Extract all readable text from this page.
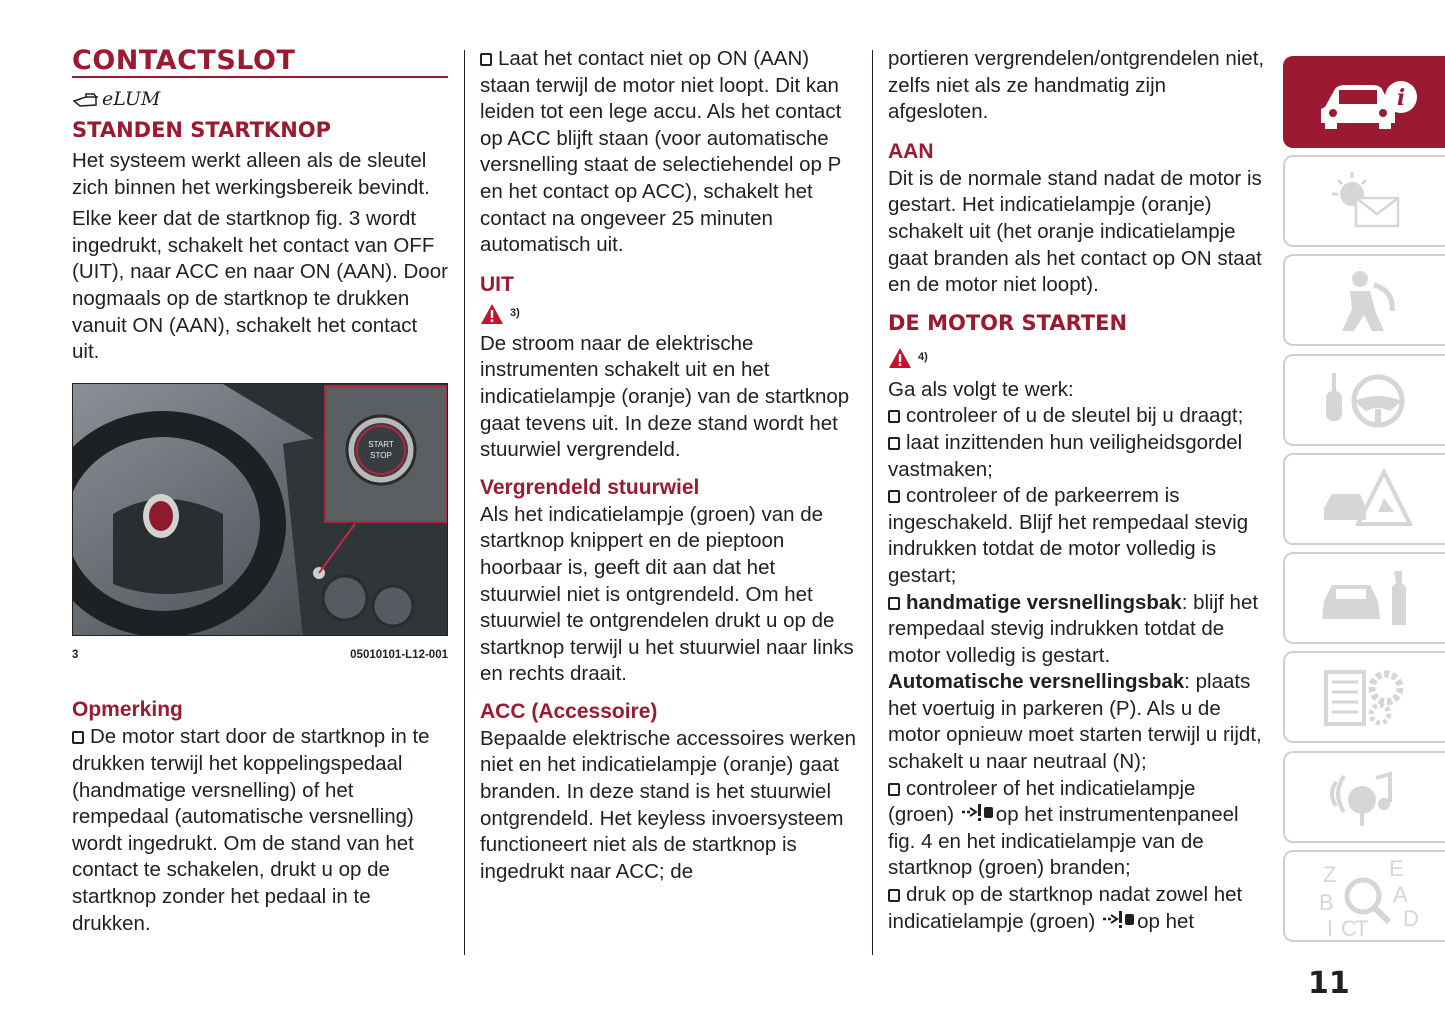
CONTACTSLOT
eLUM

STANDEN STARTKNOP

Het systeem werkt alleen als de sleutel zich binnen het werkingsbereik bevindt.

Elke keer dat de startknop fig. 3 wordt ingedrukt, schakelt het contact van OFF (UIT), naar ACC en naar ON (AAN). Door nogmaals op de startknop te drukken vanuit ON (AAN), schakelt het contact uit.

START
STOP
3	05010101-L12-001

Opmerking

De motor start door de startknop in te drukken terwijl het koppelingspedaal (handmatige versnelling) of het rempedaal (automatische versnelling) wordt ingedrukt. Om de stand van het contact te schakelen, drukt u op de startknop zonder het pedaal in te drukken.

Laat het contact niet op ON (AAN) staan terwijl de motor niet loopt. Dit kan leiden tot een lege accu. Als het contact op ACC blijft staan (voor automatische versnelling staat de selectiehendel op P en het contact op ACC), schakelt het contact na ongeveer 25 minuten automatisch uit.

UIT

3)

De stroom naar de elektrische instrumenten schakelt uit en het indicatielampje (oranje) van de startknop gaat tevens uit. In deze stand wordt het stuurwiel vergrendeld.

Vergrendeld stuurwiel

Als het indicatielampje (groen) van de startknop knippert en de pieptoon hoorbaar is, geeft dit aan dat het stuurwiel niet is ontgrendeld. Om het stuurwiel te ontgrendelen drukt u op de startknop terwijl u het stuurwiel naar links en rechts draait.

ACC (Accessoire)

Bepaalde elektrische accessoires werken niet en het indicatielampje (oranje) gaat branden. In deze stand is het stuurwiel ontgrendeld. Het keyless invoersysteem functioneert niet als de startknop is ingedrukt naar ACC; de

portieren vergrendelen/ontgrendelen niet, zelfs niet als ze handmatig zijn afgesloten.

AAN

Dit is de normale stand nadat de motor is gestart. Het indicatielampje (oranje) schakelt uit (het oranje indicatielampje gaat branden als het contact op ON staat en de motor niet loopt).

DE MOTOR STARTEN

4)

Ga als volgt te werk:

controleer of u de sleutel bij u draagt;

laat inzittenden hun veiligheidsgordel vastmaken;

controleer of de parkeerrem is ingeschakeld. Blijf het rempedaal stevig indrukken totdat de motor volledig is gestart;

handmatige versnellingsbak: blijf het rempedaal stevig indrukken totdat de motor volledig is gestart.

Automatische versnellingsbak: plaats het voertuig in parkeren (P). Als u de motor opnieuw moet starten terwijl u rijdt, schakelt u naar neutraal (N);

controleer of het indicatielampje (groen) op het instrumentenpaneel fig. 4 en het indicatielampje van de startknop (groen) branden;

druk op de startknop nadat zowel het indicatielampje (groen) op het

i
Z E
A
B
D
I C
T
11
